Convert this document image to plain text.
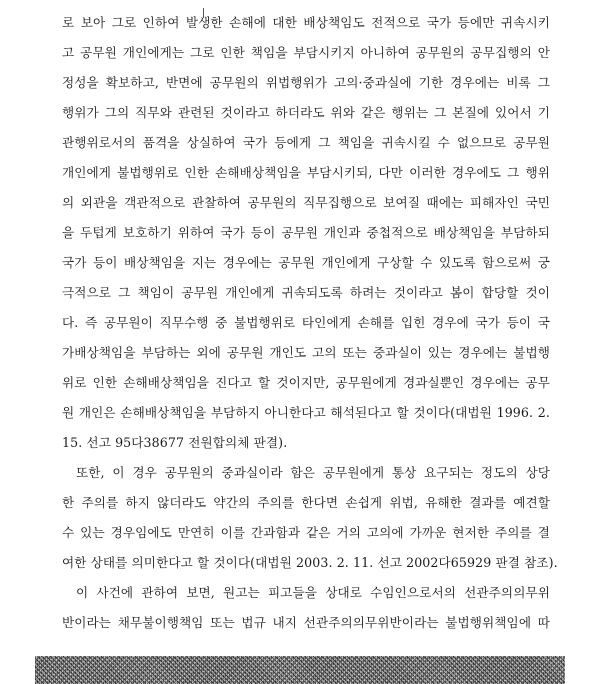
로 보아 그로 인하여 발생한 손해에 대한 배상책임도 전적으로 국가 등에만 귀속시키
고 공무원 개인에게는 그로 인한 책임을 부담시키지 아니하여 공무원의 공무집행의 안
정성을 확보하고, 반면에 공무원의 위법행위가 고의·중과실에 기한 경우에는 비록 그
행위가 그의 직무와 관련된 것이라고 하더라도 위와 같은 행위는 그 본질에 있어서 기
관행위로서의 품격을 상실하여 국가 등에게 그 책임을 귀속시킬 수 없으므로 공무원
개인에게 불법행위로 인한 손해배상책임을 부담시키되, 다만 이러한 경우에도 그 행위
의 외관을 객관적으로 관찰하여 공무원의 직무집행으로 보여질 때에는 피해자인 국민
을 두텁게 보호하기 위하여 국가 등이 공무원 개인과 중첩적으로 배상책임을 부담하되
국가 등이 배상책임을 지는 경우에는 공무원 개인에게 구상할 수 있도록 함으로써 궁
극적으로 그 책임이 공무원 개인에게 귀속되도록 하려는 것이라고 봄이 합당할 것이
다. 즉 공무원이 직무수행 중 불법행위로 타인에게 손해를 입힌 경우에 국가 등이 국
가배상책임을 부담하는 외에 공무원 개인도 고의 또는 중과실이 있는 경우에는 불법행
위로 인한 손해배상책임을 진다고 할 것이지만, 공무원에게 경과실뿐인 경우에는 공무
원 개인은 손해배상책임을 부담하지 아니한다고 해석된다고 할 것이다(대법원 1996. 2.
15. 선고 95다38677 전원합의체 판결).
또한, 이 경우 공무원의 중과실이라 함은 공무원에게 통상 요구되는 정도의 상당
한 주의를 하지 않더라도 약간의 주의를 한다면 손쉽게 위법, 유해한 결과를 예견할
수 있는 경우임에도 만연히 이를 간과함과 같은 거의 고의에 가까운 현저한 주의를 결
여한 상태를 의미한다고 할 것이다(대법원 2003. 2. 11. 선고 2002다65929 판결 참조).
이 사건에 관하여 보면, 원고는 피고들을 상대로 수임인으로서의 선관주의의무위
반이라는 채무불이행책임 또는 법규 내지 선관주의의무위반이라는 불법행위책임에 따
